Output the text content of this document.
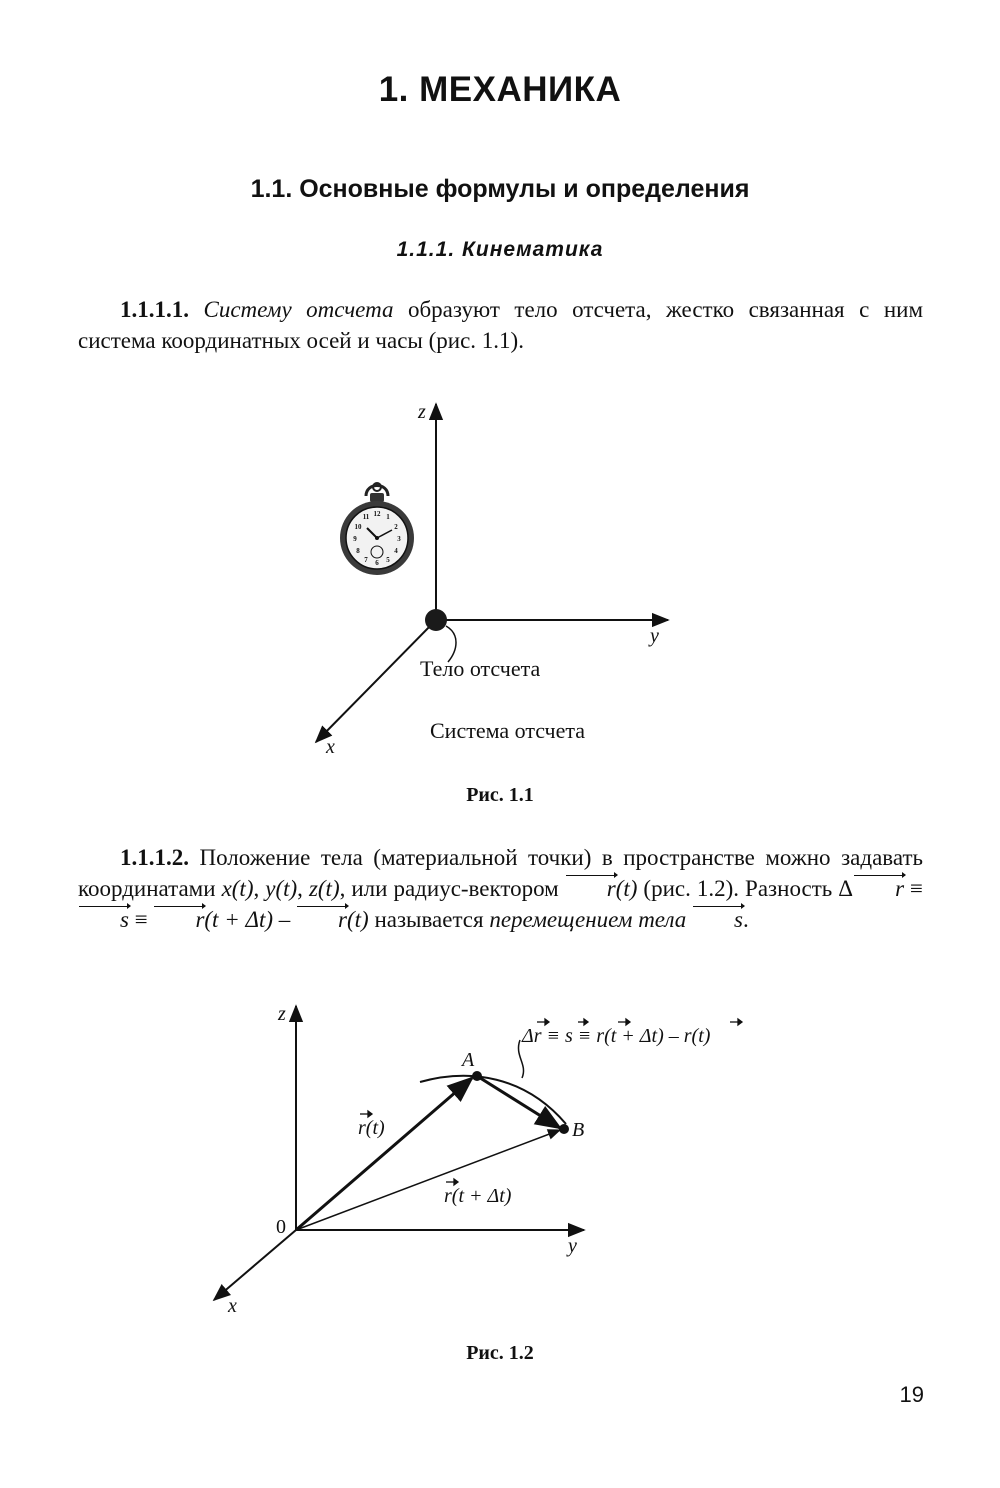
1. МЕХАНИКА
1.1. Основные формулы и определения
1.1.1. Кинематика
1.1.1.1. Систему отсчета образуют тело отсчета, жестко связанная с ним система координатных осей и часы (рис. 1.1).
z
y
x
Тело отсчета
Система отсчета
12
3
6
9
1
2
4
5
7
8
10
11
Рис. 1.1
1.1.1.2. Положение тела (материальной точки) в пространстве можно задавать координатами x(t), y(t), z(t), или радиус-вектором r(t) (рис. 1.2). Разность Δ r ≡ s ≡ r(t + Δt) – r(t) называется перемещением тела s.
z
y
x
0
A
B
r(t)
r(t + Δt)
Δr ≡ s ≡ r(t + Δt) – r(t)
Рис. 1.2
19
